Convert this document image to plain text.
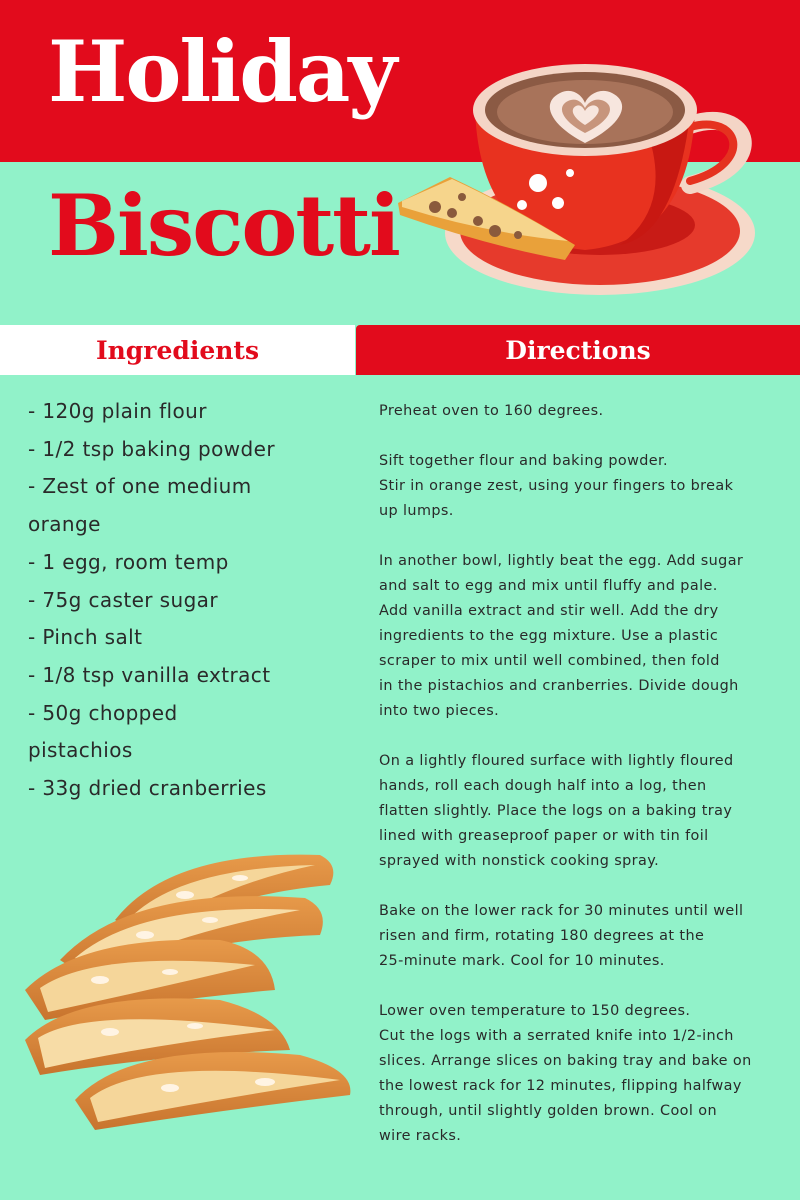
Holiday
Biscotti
Ingredients	Directions
- 120g plain flour
- 1/2 tsp baking powder
- Zest of one medium
orange
- 1 egg, room temp
- 75g caster sugar
- Pinch salt
- 1/8 tsp vanilla extract
- 50g chopped
pistachios
- 33g dried cranberries

Preheat oven to 160 degrees.

Sift together flour and baking powder.
Stir in orange zest, using your fingers to break
up lumps.

In another bowl, lightly beat the egg. Add sugar
and salt to egg and mix until fluffy and pale.
Add vanilla extract and stir well. Add the dry
ingredients to the egg mixture. Use a plastic
scraper to mix until well combined, then fold
in the pistachios and cranberries. Divide dough
into two pieces.

On a lightly floured surface with lightly floured
hands, roll each dough half into a log, then
flatten slightly. Place the logs on a baking tray
lined with greaseproof paper or with tin foil
sprayed with nonstick cooking spray.

Bake on the lower rack for 30 minutes until well
risen and firm, rotating 180 degrees at the
25-minute mark. Cool for 10 minutes.

Lower oven temperature to 150 degrees.
Cut the logs with a serrated knife into 1/2-inch
slices. Arrange slices on baking tray and bake on
the lowest rack for 12 minutes, flipping halfway
through, until slightly golden brown. Cool on
wire racks.
